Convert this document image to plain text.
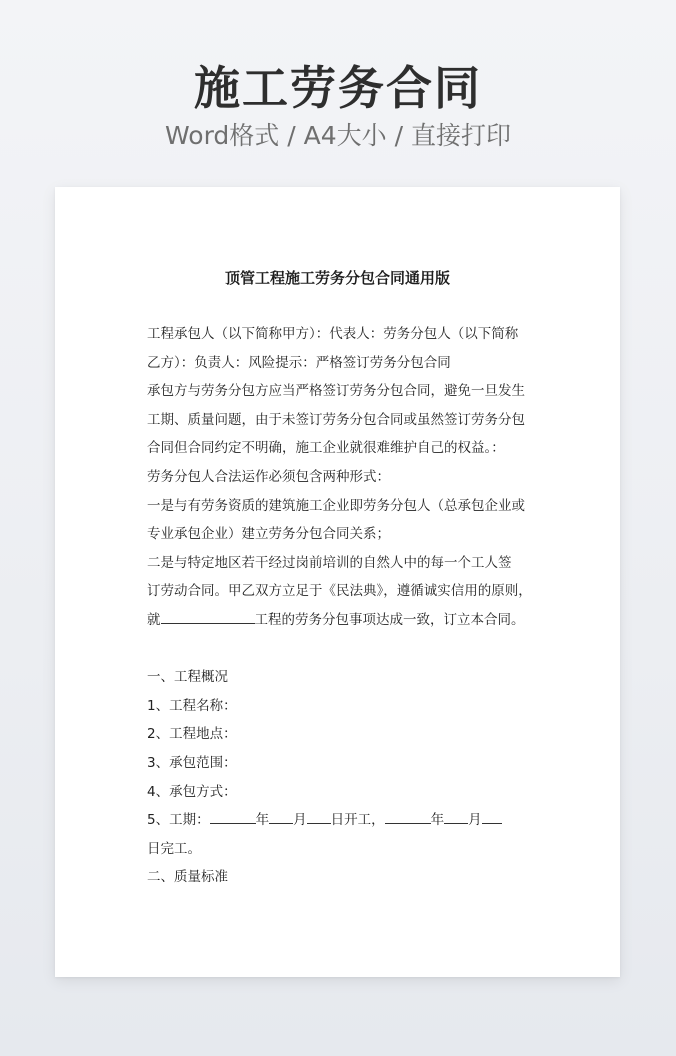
施工劳务合同
Word格式 / A4大小 / 直接打印
顶管工程施工劳务分包合同通用版

工程承包人（以下简称甲方）：代表人：劳务分包人（以下简称

乙方）：负责人：风险提示：严格签订劳务分包合同

承包方与劳务分包方应当严格签订劳务分包合同，避免一旦发生

工期、质量问题，由于未签订劳务分包合同或虽然签订劳务分包

合同但合同约定不明确，施工企业就很难维护自己的权益。：

劳务分包人合法运作必须包含两种形式：

一是与有劳务资质的建筑施工企业即劳务分包人（总承包企业或

专业承包企业）建立劳务分包合同关系；

二是与特定地区若干经过岗前培训的自然人中的每一个工人签

订劳动合同。甲乙双方立足于《民法典》，遵循诚实信用的原则，

就	工程的劳务分包事项达成一致，订立本合同。

一、工程概况

1、工程名称：

2、工程地点：

3、承包范围：

4、承包方式：

5、工期：	年 月 日开工，	年 月

日完工。

二、质量标准
